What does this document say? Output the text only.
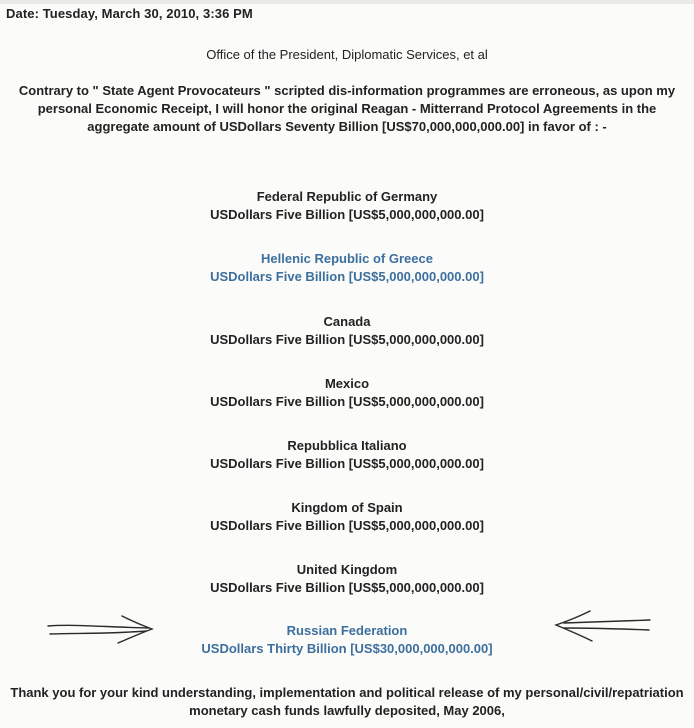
Date: Tuesday, March 30, 2010, 3:36 PM
Office of the President, Diplomatic Services, et al
Contrary to " State Agent Provocateurs " scripted dis-information programmes are erroneous, as upon my personal Economic Receipt, I will honor the original Reagan - Mitterrand Protocol Agreements in the aggregate amount of USDollars Seventy Billion [US$70,000,000,000.00] in favor of : -
Federal Republic of Germany
USDollars Five Billion [US$5,000,000,000.00]
Hellenic Republic of Greece
USDollars Five Billion [US$5,000,000,000.00]
Canada
USDollars Five Billion [US$5,000,000,000.00]
Mexico
USDollars Five Billion [US$5,000,000,000.00]
Repubblica Italiano
USDollars Five Billion [US$5,000,000,000.00]
Kingdom of Spain
USDollars Five Billion [US$5,000,000,000.00]
United Kingdom
USDollars Five Billion [US$5,000,000,000.00]
Russian Federation
USDollars Thirty Billion [US$30,000,000,000.00]
Thank you for your kind understanding, implementation and political release of my personal/civil/repatriation monetary cash funds lawfully deposited, May 2006,
